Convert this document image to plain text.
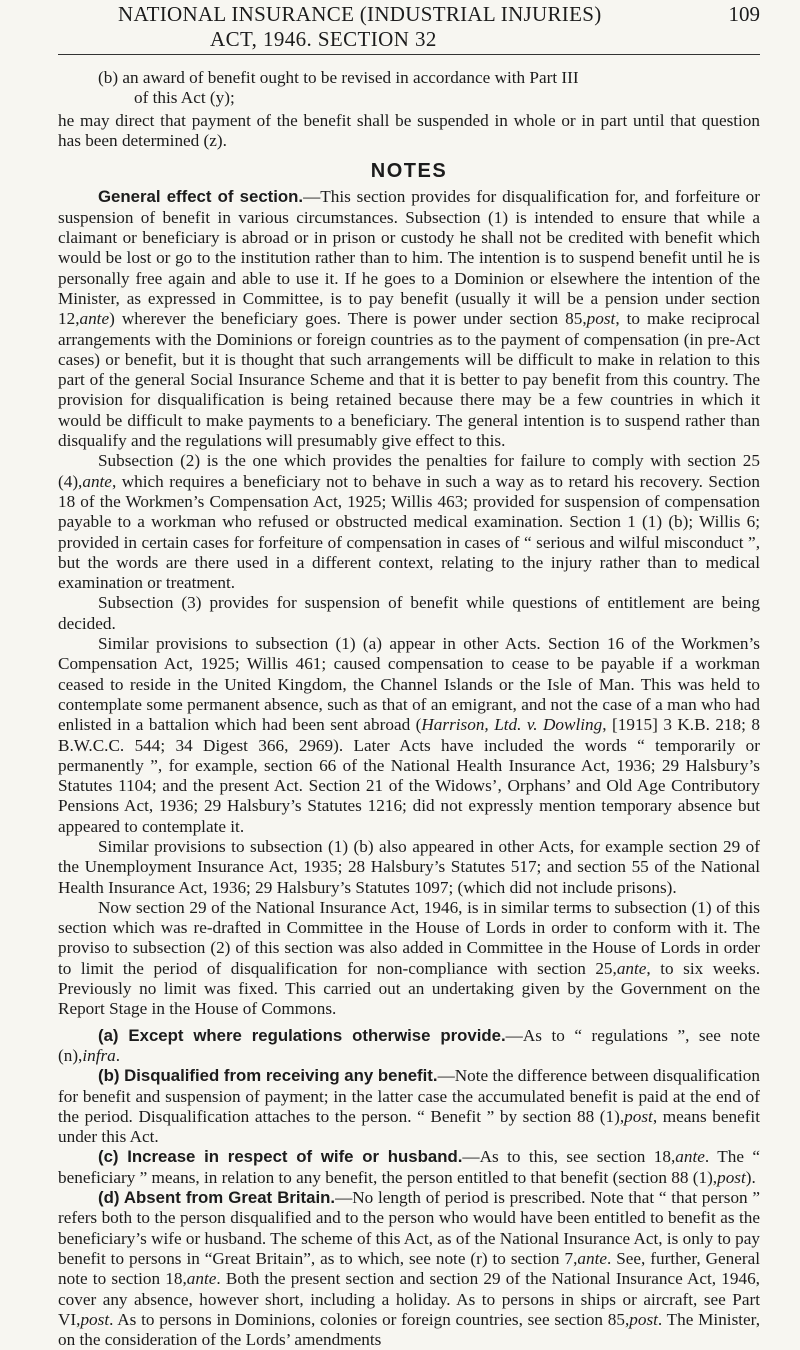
NATIONAL INSURANCE (INDUSTRIAL INJURIES)	109
ACT, 1946. SECTION 32

(b) an award of benefit ought to be revised in accordance with Part III
of this Act (y);

he may direct that payment of the benefit shall be suspended in whole or in part until that question has been determined (z).

NOTES

General effect of section.—This section provides for disqualification for, and forfeiture or suspension of benefit in various circumstances. Subsection (1) is intended to ensure that while a claimant or beneficiary is abroad or in prison or custody he shall not be credited with benefit which would be lost or go to the institution rather than to him. The intention is to suspend benefit until he is personally free again and able to use it. If he goes to a Dominion or elsewhere the intention of the Minister, as expressed in Committee, is to pay benefit (usually it will be a pension under section 12,ante) wherever the beneficiary goes. There is power under section 85,post, to make reciprocal arrangements with the Dominions or foreign countries as to the payment of compensation (in pre-Act cases) or benefit, but it is thought that such arrangements will be difficult to make in relation to this part of the general Social Insurance Scheme and that it is better to pay benefit from this country. The provision for disqualification is being retained because there may be a few countries in which it would be difficult to make payments to a beneficiary. The general intention is to suspend rather than disqualify and the regulations will presumably give effect to this.

Subsection (2) is the one which provides the penalties for failure to comply with section 25 (4),ante, which requires a beneficiary not to behave in such a way as to retard his recovery. Section 18 of the Workmen’s Compensation Act, 1925; Willis 463; provided for suspension of compensation payable to a workman who refused or obstructed medical examination. Section 1 (1) (b); Willis 6; provided in certain cases for forfeiture of compensation in cases of “ serious and wilful misconduct ”, but the words are there used in a different context, relating to the injury rather than to medical examination or treatment.

Subsection (3) provides for suspension of benefit while questions of entitlement are being decided.

Similar provisions to subsection (1) (a) appear in other Acts. Section 16 of the Workmen’s Compensation Act, 1925; Willis 461; caused compensation to cease to be payable if a workman ceased to reside in the United Kingdom, the Channel Islands or the Isle of Man. This was held to contemplate some permanent absence, such as that of an emigrant, and not the case of a man who had enlisted in a battalion which had been sent abroad (Harrison, Ltd. v. Dowling, [1915] 3 K.B. 218; 8 B.W.C.C. 544; 34 Digest 366, 2969). Later Acts have included the words “ temporarily or permanently ”, for example, section 66 of the National Health Insurance Act, 1936; 29 Halsbury’s Statutes 1104; and the present Act. Section 21 of the Widows’, Orphans’ and Old Age Contributory Pensions Act, 1936; 29 Halsbury’s Statutes 1216; did not expressly mention temporary absence but appeared to contemplate it.

Similar provisions to subsection (1) (b) also appeared in other Acts, for example section 29 of the Unemployment Insurance Act, 1935; 28 Halsbury’s Statutes 517; and section 55 of the National Health Insurance Act, 1936; 29 Halsbury’s Statutes 1097; (which did not include prisons).

Now section 29 of the National Insurance Act, 1946, is in similar terms to subsection (1) of this section which was re-drafted in Committee in the House of Lords in order to conform with it. The proviso to subsection (2) of this section was also added in Committee in the House of Lords in order to limit the period of disqualification for non-compliance with section 25,ante, to six weeks. Previously no limit was fixed. This carried out an undertaking given by the Government on the Report Stage in the House of Commons.

(a) Except where regulations otherwise provide.—As to “ regulations ”, see note (n),infra.

(b) Disqualified from receiving any benefit.—Note the difference between disqualification for benefit and suspension of payment; in the latter case the accumulated benefit is paid at the end of the period. Disqualification attaches to the person. “ Benefit ” by section 88 (1),post, means benefit under this Act.

(c) Increase in respect of wife or husband.—As to this, see section 18,ante. The “ beneficiary ” means, in relation to any benefit, the person entitled to that benefit (section 88 (1),post).

(d) Absent from Great Britain.—No length of period is prescribed. Note that “ that person ” refers both to the person disqualified and to the person who would have been entitled to benefit as the beneficiary’s wife or husband. The scheme of this Act, as of the National Insurance Act, is only to pay benefit to persons in “Great Britain”, as to which, see note (r) to section 7,ante. See, further, General note to section 18,ante. Both the present section and section 29 of the National Insurance Act, 1946, cover any absence, however short, including a holiday. As to persons in ships or aircraft, see Part VI,post. As to persons in Dominions, colonies or foreign countries, see section 85,post. The Minister, on the consideration of the Lords’ amendments
